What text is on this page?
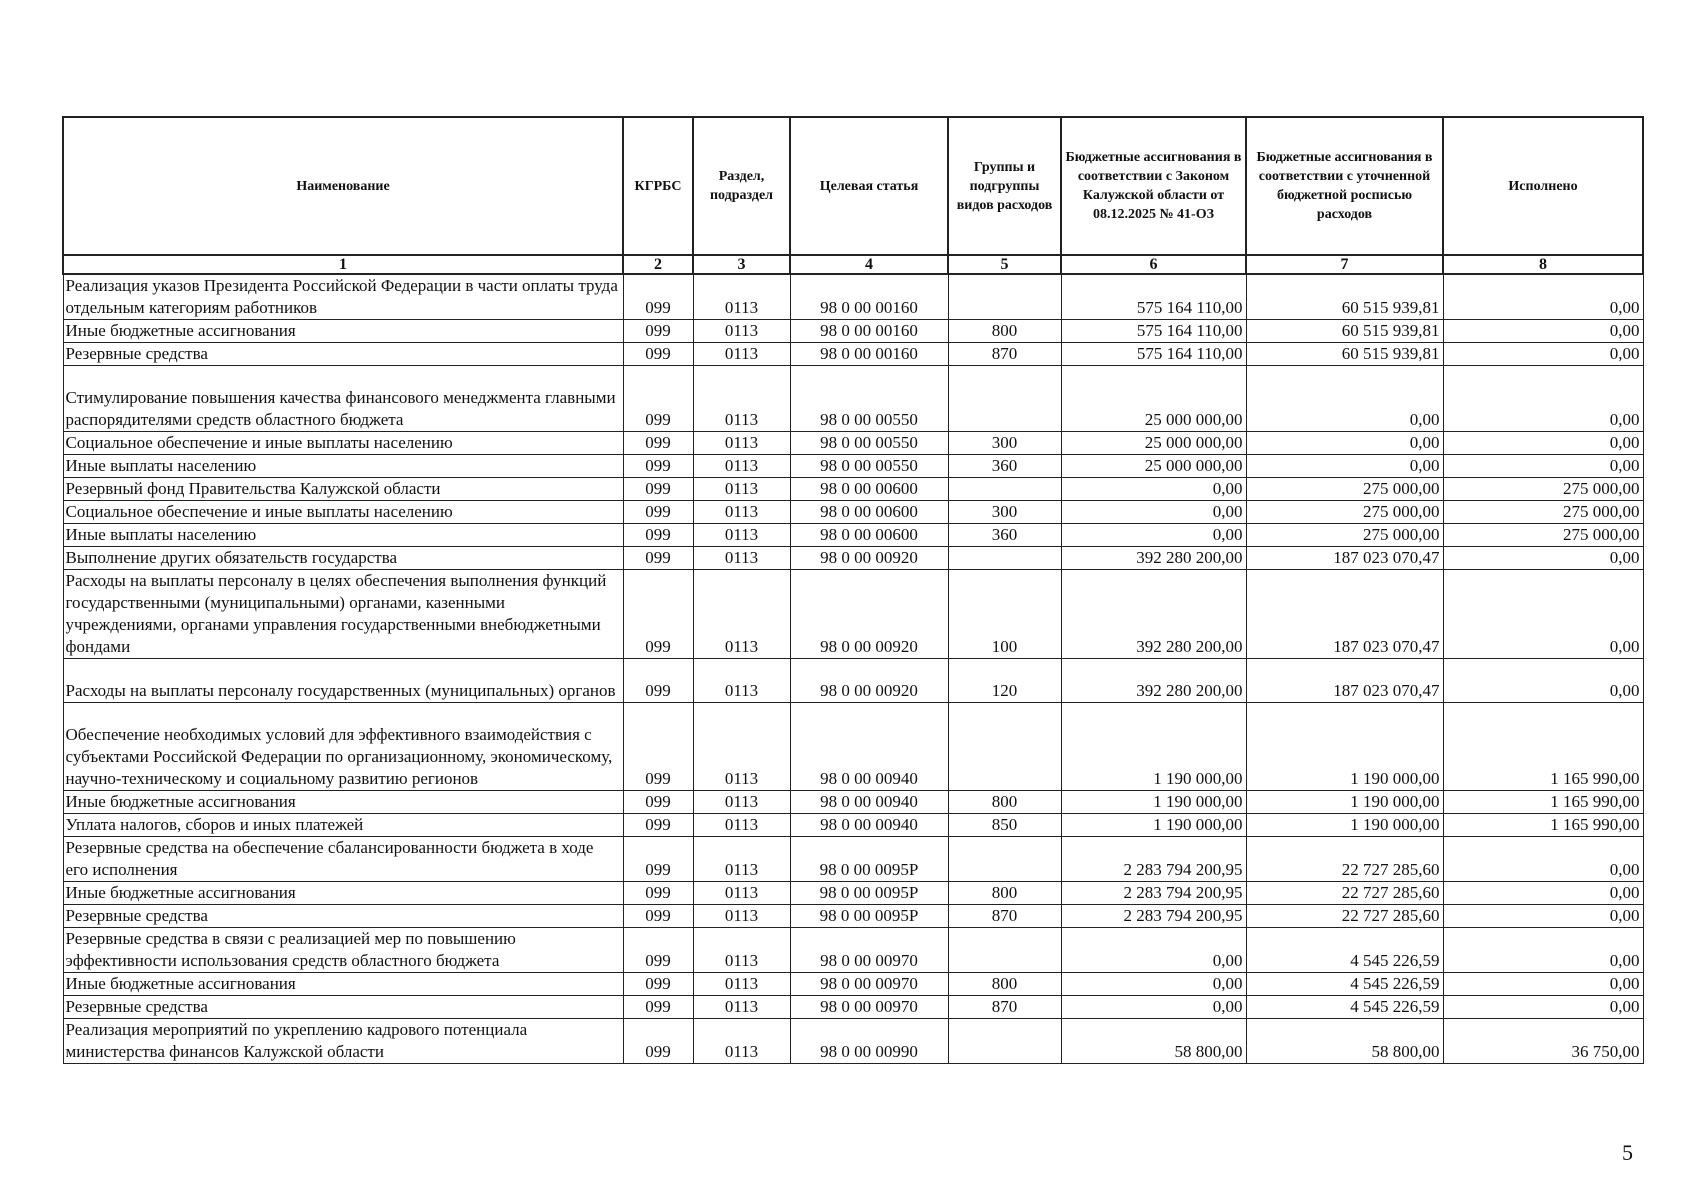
Наименование	КГРБС	Раздел, подраздел	Целевая статья	Группы и подгруппы видов расходов	Бюджетные ассигнования в соответствии с Законом Калужской области от 08.12.2025 № 41-ОЗ	Бюджетные ассигнования в соответствии с уточненной бюджетной росписью расходов	Исполнено
1	2	3	4	5	6	7	8
Реализация указов Президента Российской Федерации в части оплаты труда отдельным категориям работников	099	0113	98 0 00 00160		575 164 110,00	60 515 939,81	0,00
Иные бюджетные ассигнования	099	0113	98 0 00 00160	800	575 164 110,00	60 515 939,81	0,00
Резервные средства	099	0113	98 0 00 00160	870	575 164 110,00	60 515 939,81	0,00
Стимулирование повышения качества финансового менеджмента главными распорядителями средств областного бюджета	099	0113	98 0 00 00550		25 000 000,00	0,00	0,00
Социальное обеспечение и иные выплаты населению	099	0113	98 0 00 00550	300	25 000 000,00	0,00	0,00
Иные выплаты населению	099	0113	98 0 00 00550	360	25 000 000,00	0,00	0,00
Резервный фонд Правительства Калужской области	099	0113	98 0 00 00600		0,00	275 000,00	275 000,00
Социальное обеспечение и иные выплаты населению	099	0113	98 0 00 00600	300	0,00	275 000,00	275 000,00
Иные выплаты населению	099	0113	98 0 00 00600	360	0,00	275 000,00	275 000,00
Выполнение других обязательств государства	099	0113	98 0 00 00920		392 280 200,00	187 023 070,47	0,00
Расходы на выплаты персоналу в целях обеспечения выполнения функций государственными (муниципальными) органами, казенными учреждениями, органами управления государственными внебюджетными фондами	099	0113	98 0 00 00920	100	392 280 200,00	187 023 070,47	0,00
Расходы на выплаты персоналу государственных (муниципальных) органов	099	0113	98 0 00 00920	120	392 280 200,00	187 023 070,47	0,00
Обеспечение необходимых условий для эффективного взаимодействия с субъектами Российской Федерации по организационному, экономическому, научно-техническому и социальному развитию регионов	099	0113	98 0 00 00940		1 190 000,00	1 190 000,00	1 165 990,00
Иные бюджетные ассигнования	099	0113	98 0 00 00940	800	1 190 000,00	1 190 000,00	1 165 990,00
Уплата налогов, сборов и иных платежей	099	0113	98 0 00 00940	850	1 190 000,00	1 190 000,00	1 165 990,00
Резервные средства на обеспечение сбалансированности бюджета в ходе его исполнения	099	0113	98 0 00 0095Р		2 283 794 200,95	22 727 285,60	0,00
Иные бюджетные ассигнования	099	0113	98 0 00 0095Р	800	2 283 794 200,95	22 727 285,60	0,00
Резервные средства	099	0113	98 0 00 0095Р	870	2 283 794 200,95	22 727 285,60	0,00
Резервные средства в связи с реализацией мер по повышению эффективности использования средств областного бюджета	099	0113	98 0 00 00970		0,00	4 545 226,59	0,00
Иные бюджетные ассигнования	099	0113	98 0 00 00970	800	0,00	4 545 226,59	0,00
Резервные средства	099	0113	98 0 00 00970	870	0,00	4 545 226,59	0,00
Реализация мероприятий по укреплению кадрового потенциала министерства финансов Калужской области	099	0113	98 0 00 00990		58 800,00	58 800,00	36 750,00
5
